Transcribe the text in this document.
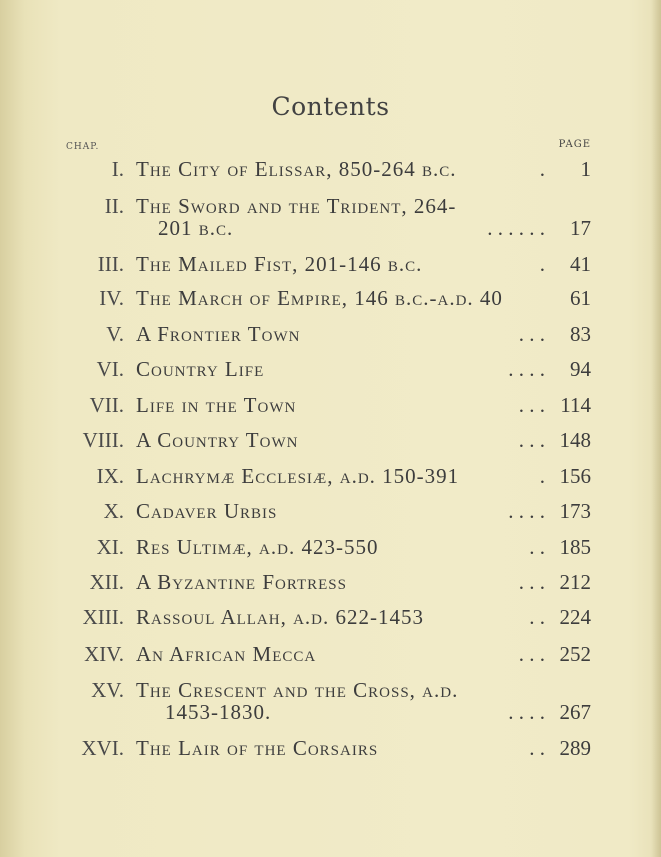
Contents
CHAP.	PAGE
I. The City of Elissar, 850-264 b.c.	. 1
II. The Sword and the Trident, 264-
201 b.c.	. . . . . . 17
III. The Mailed Fist, 201-146 b.c.	. 41
IV. The March of Empire, 146 b.c.-a.d. 40	61
V. A Frontier Town	. . . 83
VI. Country Life	. . . . 94
VII. Life in the Town	. . . 114
VIII. A Country Town	. . . 148
IX. Lachrymæ Ecclesiæ, a.d. 150-391	. 156
X. Cadaver Urbis	. . . . 173
XI. Res Ultimæ, a.d. 423-550	. . 185
XII. A Byzantine Fortress	. . . 212
XIII. Rassoul Allah, a.d. 622-1453	. . 224
XIV. An African Mecca	. . . 252
XV. The Crescent and the Cross, a.d.
1453-1830.	. . . . 267
XVI. The Lair of the Corsairs	. . 289
